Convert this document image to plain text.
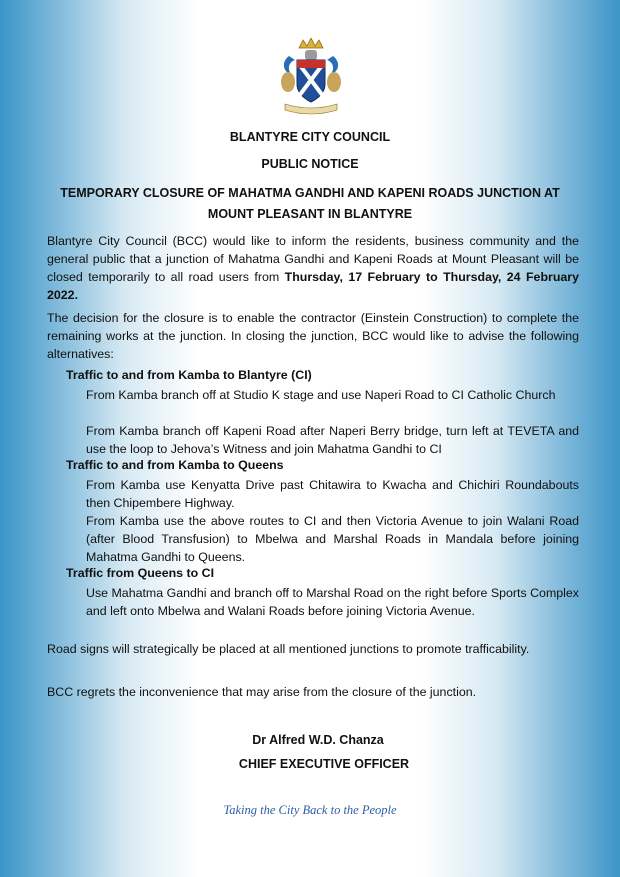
BLANTYRE CITY COUNCIL
PUBLIC NOTICE
TEMPORARY CLOSURE OF MAHATMA GANDHI AND KAPENI ROADS JUNCTION AT
MOUNT PLEASANT IN BLANTYRE
Blantyre City Council (BCC) would like to inform the residents, business community and the general public that a junction of Mahatma Gandhi and Kapeni Roads at Mount Pleasant will be closed temporarily to all road users from Thursday, 17 February to Thursday, 24 February 2022.
The decision for the closure is to enable the contractor (Einstein Construction) to complete the remaining works at the junction. In closing the junction, BCC would like to advise the following alternatives:
Traffic to and from Kamba to Blantyre (CI)
From Kamba branch off at Studio K stage and use Naperi Road to CI Catholic Church
From Kamba branch off Kapeni Road after Naperi Berry bridge, turn left at TEVETA and use the loop to Jehova’s Witness and join Mahatma Gandhi to CI
Traffic to and from Kamba to Queens
From Kamba use Kenyatta Drive past Chitawira to Kwacha and Chichiri Roundabouts then Chipembere Highway.
From Kamba use the above routes to CI and then Victoria Avenue to join Walani Road (after Blood Transfusion) to Mbelwa and Marshal Roads in Mandala before joining Mahatma Gandhi to Queens.
Traffic from Queens to CI
Use Mahatma Gandhi and branch off to Marshal Road on the right before Sports Complex and left onto Mbelwa and Walani Roads before joining Victoria Avenue.
Road signs will strategically be placed at all mentioned junctions to promote trafficability.
BCC regrets the inconvenience that may arise from the closure of the junction.
Dr Alfred W.D. Chanza
CHIEF EXECUTIVE OFFICER
Taking the City Back to the People
